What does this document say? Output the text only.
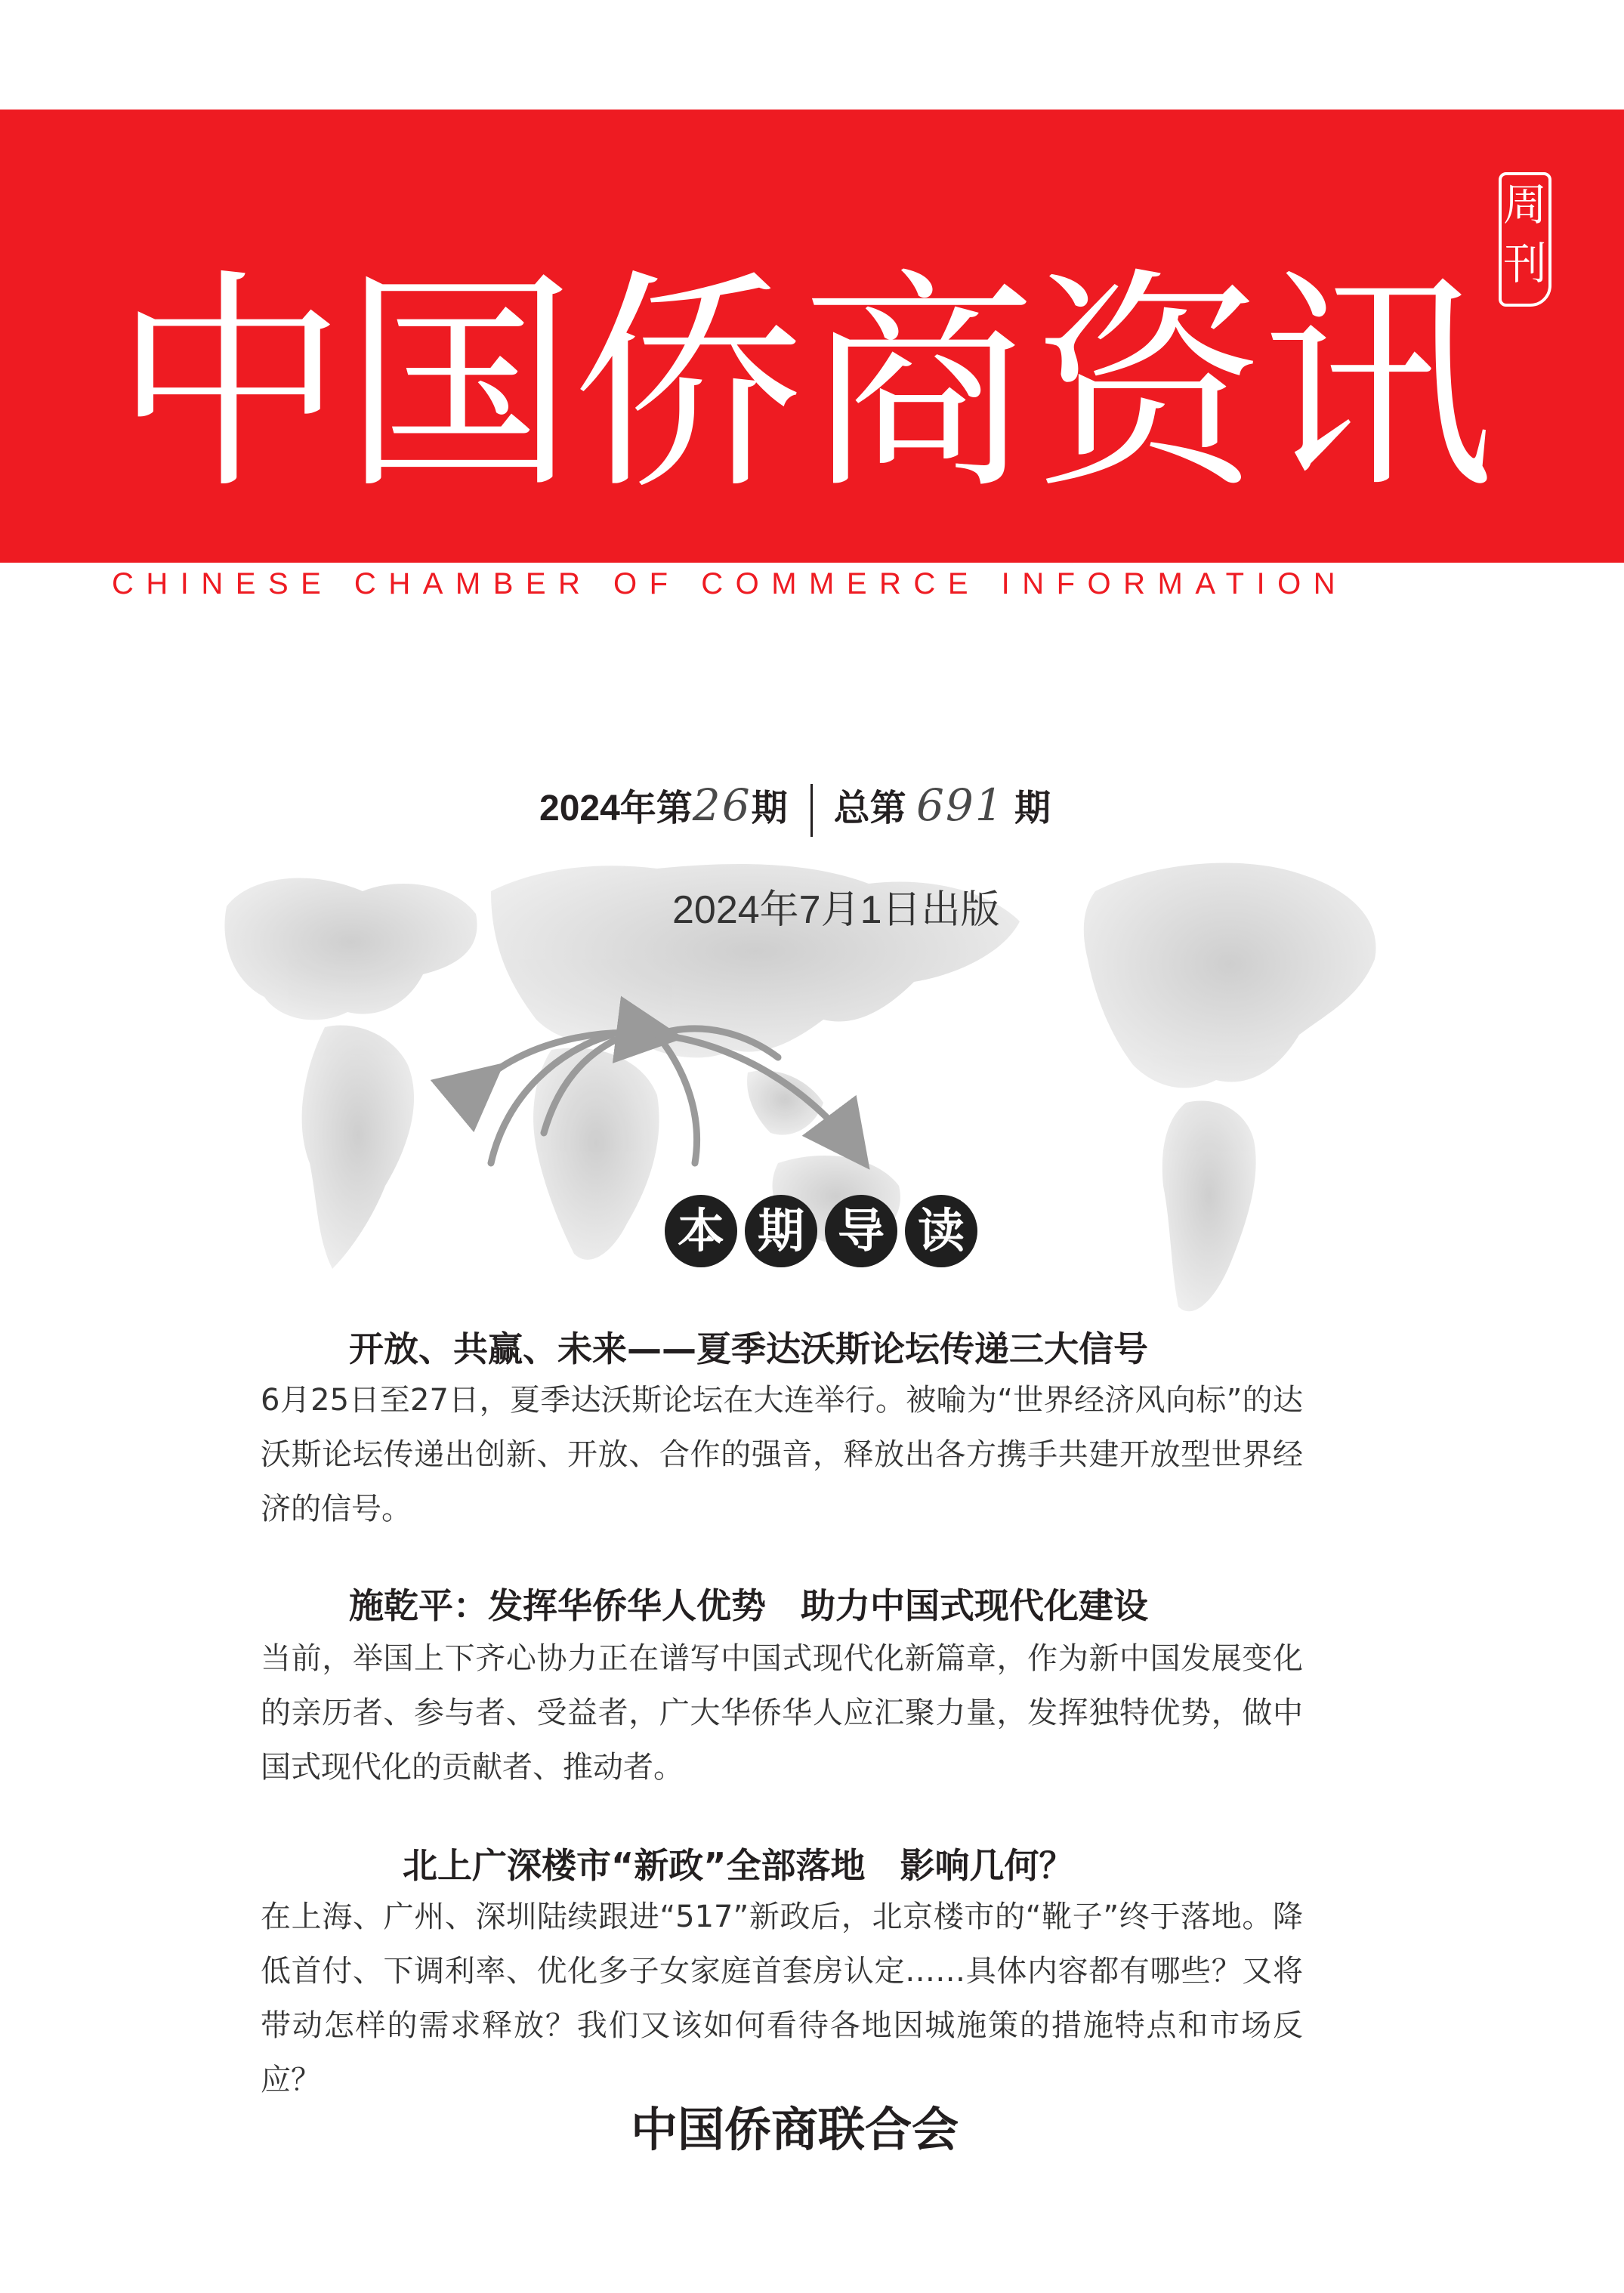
中国侨商资讯
周
刊
CHINESE CHAMBER OF COMMERCE INFORMATION
2024年第26期 总第 691 期
2024年7月1日出版
本 期 导 读
开放、共赢、未来——夏季达沃斯论坛传递三大信号
6月25日至27日，夏季达沃斯论坛在大连举行。被喻为“世界经济风向标”的达沃斯论坛传递出创新、开放、合作的强音，释放出各方携手共建开放型世界经济的信号。
施乾平：发挥华侨华人优势　助力中国式现代化建设
当前，举国上下齐心协力正在谱写中国式现代化新篇章，作为新中国发展变化的亲历者、参与者、受益者，广大华侨华人应汇聚力量，发挥独特优势，做中国式现代化的贡献者、推动者。
北上广深楼市“新政”全部落地　影响几何？
在上海、广州、深圳陆续跟进“517”新政后，北京楼市的“靴子”终于落地。降低首付、下调利率、优化多子女家庭首套房认定……具体内容都有哪些？又将带动怎样的需求释放？我们又该如何看待各地因城施策的措施特点和市场反应？
中国侨商联合会
